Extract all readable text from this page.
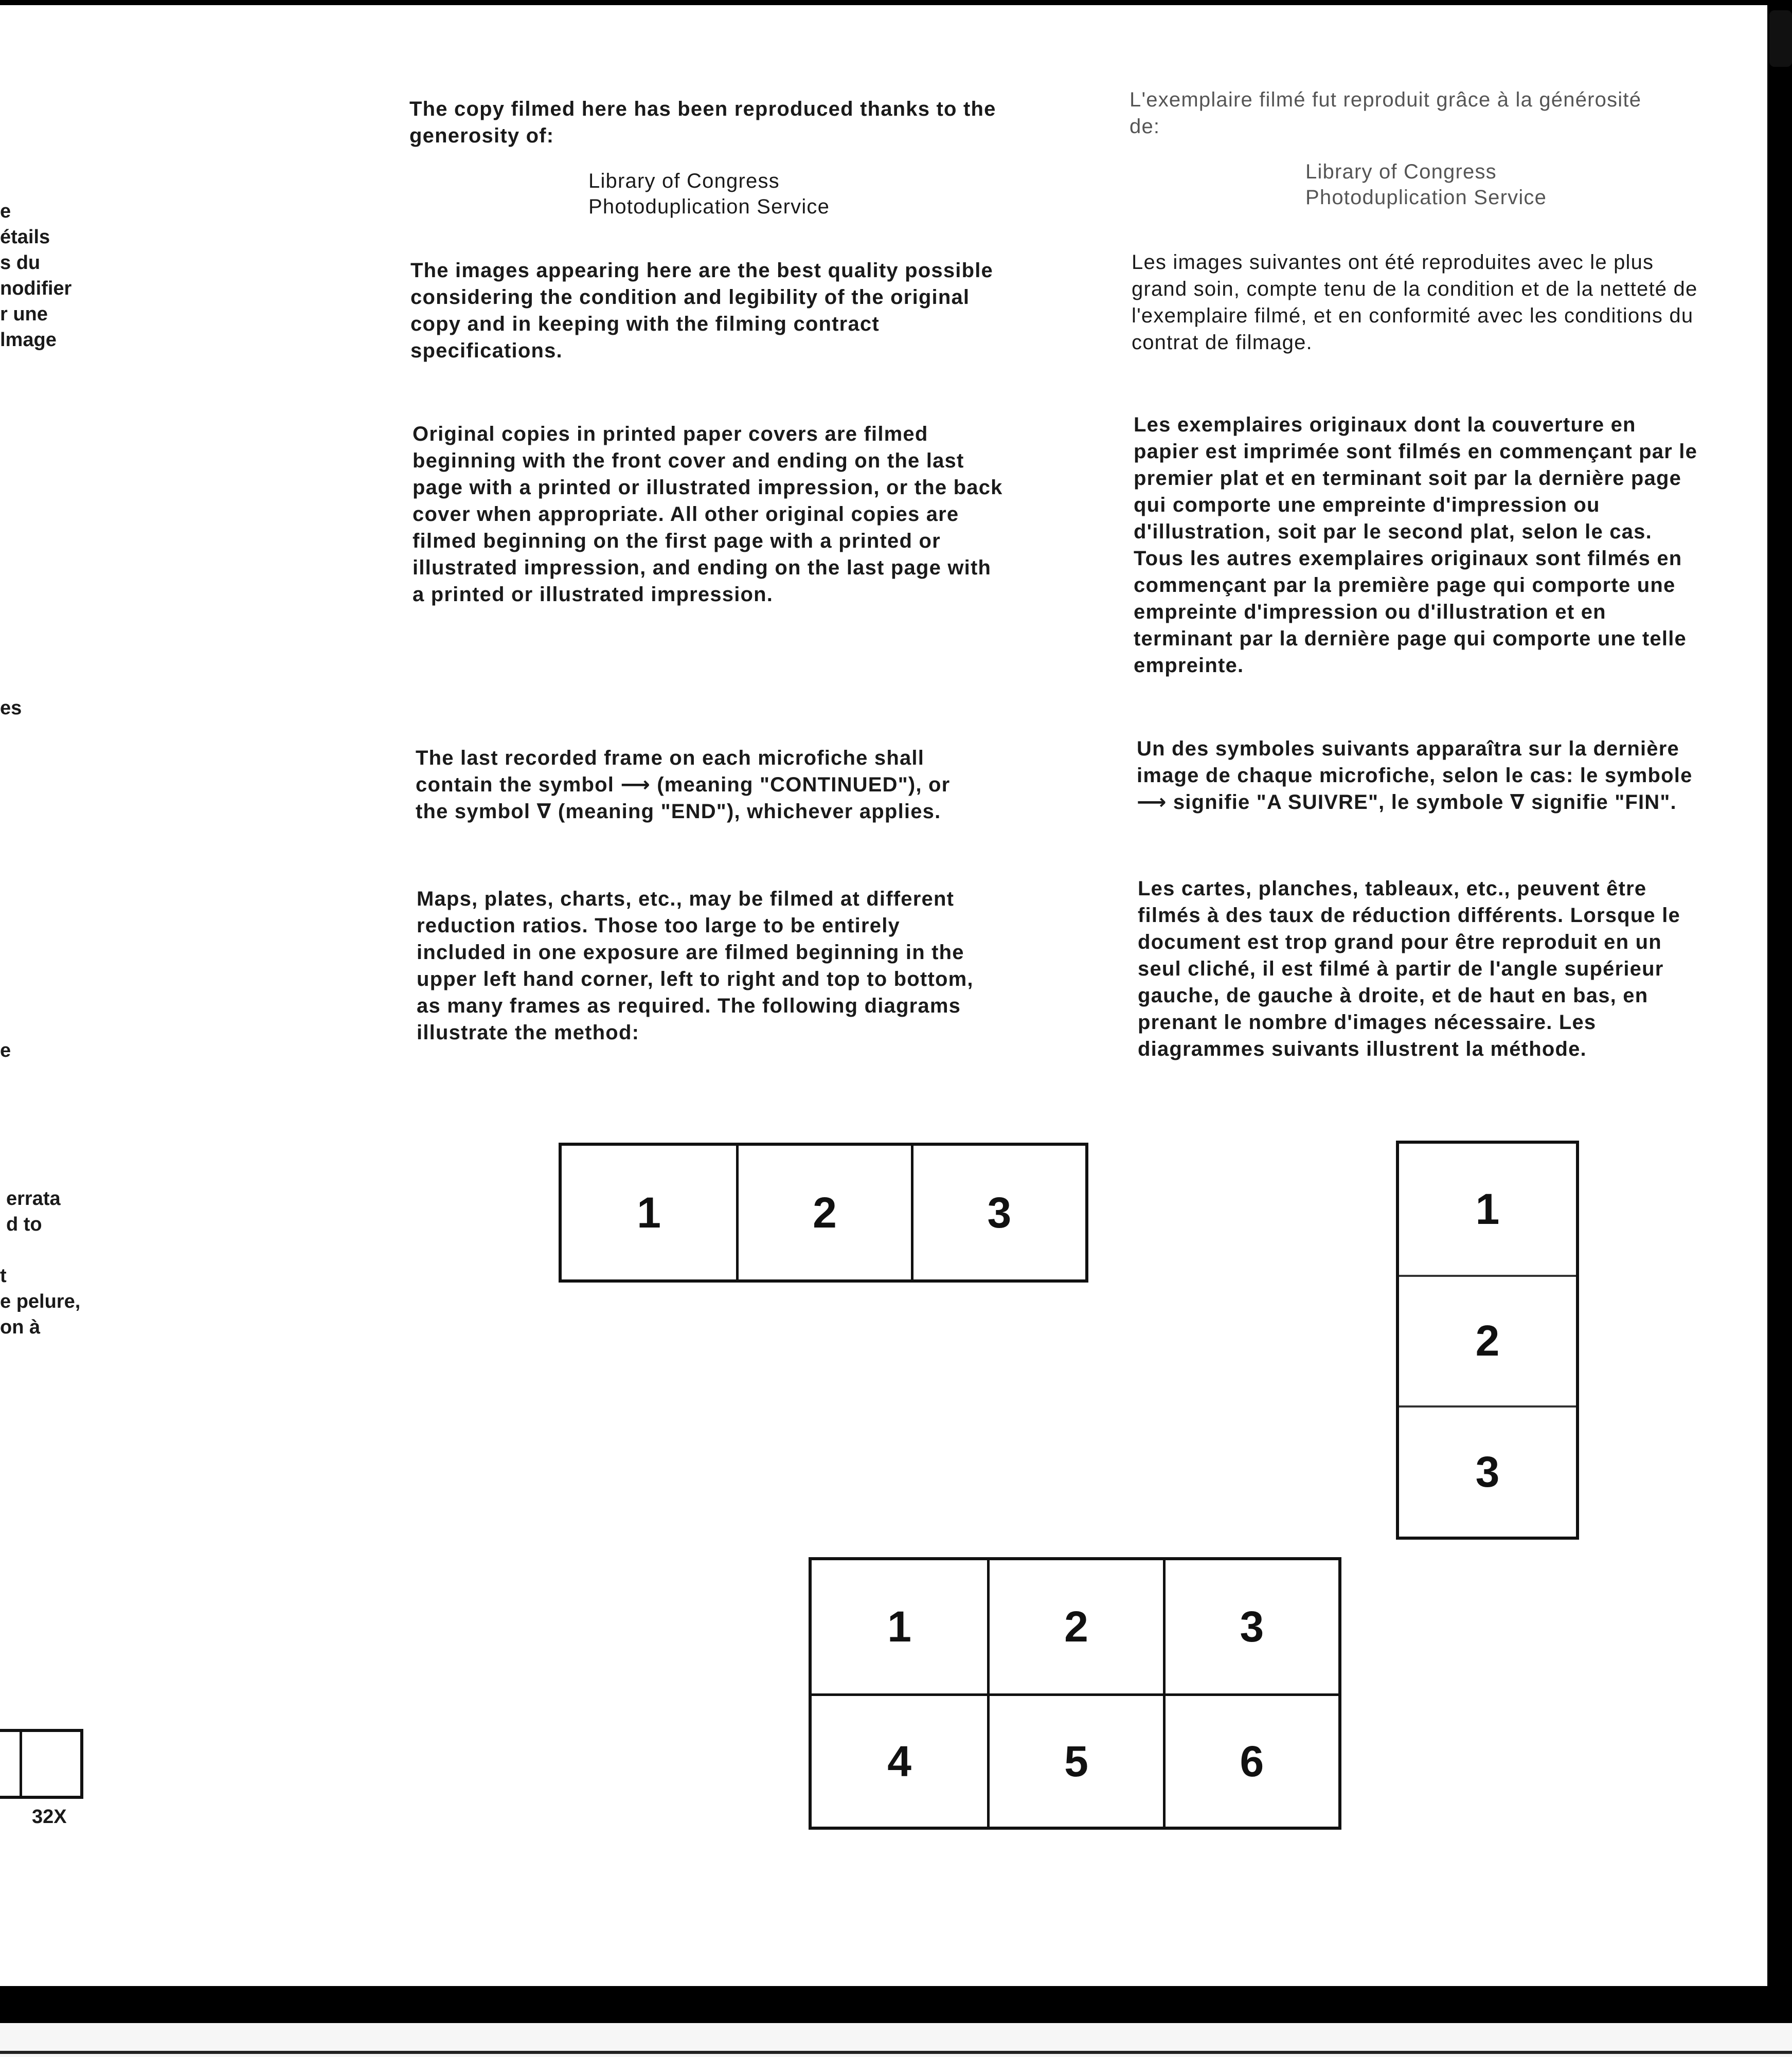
e
étails
s du
nodifier
r une
lmage
es
e
errata
d to
t
e pelure,
on à
32X
The copy filmed here has been reproduced thanks to the generosity of:
Library of Congress
Photoduplication Service
The images appearing here are the best quality possible considering the condition and legibility of the original copy and in keeping with the filming contract specifications.
Original copies in printed paper covers are filmed beginning with the front cover and ending on the last page with a printed or illustrated impression, or the back cover when appropriate. All other original copies are filmed beginning on the first page with a printed or illustrated impression, and ending on the last page with a printed or illustrated impression.
The last recorded frame on each microfiche shall contain the symbol ⟶ (meaning "CONTINUED"), or the symbol ∇ (meaning "END"), whichever applies.
Maps, plates, charts, etc., may be filmed at different reduction ratios. Those too large to be entirely included in one exposure are filmed beginning in the upper left hand corner, left to right and top to bottom, as many frames as required. The following diagrams illustrate the method:
L'exemplaire filmé fut reproduit grâce à la générosité de:
Library of Congress
Photoduplication Service
Les images suivantes ont été reproduites avec le plus grand soin, compte tenu de la condition et de la netteté de l'exemplaire filmé, et en conformité avec les conditions du contrat de filmage.
Les exemplaires originaux dont la couverture en papier est imprimée sont filmés en commençant par le premier plat et en terminant soit par la dernière page qui comporte une empreinte d'impression ou d'illustration, soit par le second plat, selon le cas. Tous les autres exemplaires originaux sont filmés en commençant par la première page qui comporte une empreinte d'impression ou d'illustration et en terminant par la dernière page qui comporte une telle empreinte.
Un des symboles suivants apparaîtra sur la dernière image de chaque microfiche, selon le cas: le symbole ⟶ signifie "A SUIVRE", le symbole ∇ signifie "FIN".
Les cartes, planches, tableaux, etc., peuvent être filmés à des taux de réduction différents. Lorsque le document est trop grand pour être reproduit en un seul cliché, il est filmé à partir de l'angle supérieur gauche, de gauche à droite, et de haut en bas, en prenant le nombre d'images nécessaire. Les diagrammes suivants illustrent la méthode.
1	2	3	1
2
3
1	2	3
4	5	6
